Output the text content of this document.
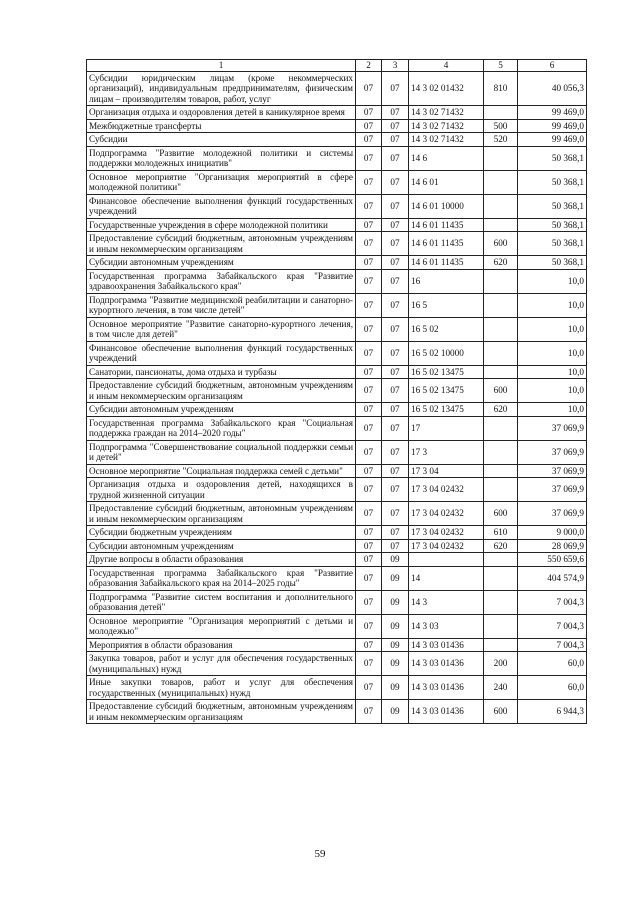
1	2	3	4	5	6
Субсидии юридическим лицам (кроме некоммерческих организаций), индивидуальным предпринимателям, физическим лицам – производителям товаров, работ, услуг	07	07	14 3 02 01432	810	40 056,3
Организация отдыха и оздоровления детей в каникулярное время	07	07	14 3 02 71432		99 469,0
Межбюджетные трансферты	07	07	14 3 02 71432	500	99 469,0
Субсидии	07	07	14 3 02 71432	520	99 469,0
Подпрограмма "Развитие молодежной политики и системы поддержки молодежных инициатив"	07	07	14 6		50 368,1
Основное мероприятие "Организация мероприятий в сфере молодежной политики"	07	07	14 6 01		50 368,1
Финансовое обеспечение выполнения функций государственных учреждений	07	07	14 6 01 10000		50 368,1
Государственные учреждения в сфере молодежной политики	07	07	14 6 01 11435		50 368,1
Предоставление субсидий бюджетным, автономным учреждениям и иным некоммерческим организациям	07	07	14 6 01 11435	600	50 368,1
Субсидии автономным учреждениям	07	07	14 6 01 11435	620	50 368,1
Государственная программа Забайкальского края "Развитие здравоохранения Забайкальского края"	07	07	16		10,0
Подпрограмма "Развитие медицинской реабилитации и санаторно-курортного лечения, в том числе детей"	07	07	16 5		10,0
Основное мероприятие "Развитие санаторно-курортного лечения, в том числе для детей"	07	07	16 5 02		10,0
Финансовое обеспечение выполнения функций государственных учреждений	07	07	16 5 02 10000		10,0
Санатории, пансионаты, дома отдыха и турбазы	07	07	16 5 02 13475		10,0
Предоставление субсидий бюджетным, автономным учреждениям и иным некоммерческим организациям	07	07	16 5 02 13475	600	10,0
Субсидии автономным учреждениям	07	07	16 5 02 13475	620	10,0
Государственная программа Забайкальского края "Социальная поддержка граждан на 2014–2020 годы"	07	07	17		37 069,9
Подпрограмма "Совершенствование социальной поддержки семьи и детей"	07	07	17 3		37 069,9
Основное мероприятие "Социальная поддержка семей с детьми"	07	07	17 3 04		37 069,9
Организация отдыха и оздоровления детей, находящихся в трудной жизненной ситуации	07	07	17 3 04 02432		37 069,9
Предоставление субсидий бюджетным, автономным учреждениям и иным некоммерческим организациям	07	07	17 3 04 02432	600	37 069,9
Субсидии бюджетным учреждениям	07	07	17 3 04 02432	610	9 000,0
Субсидии автономным учреждениям	07	07	17 3 04 02432	620	28 069,9
Другие вопросы в области образования	07	09			550 659,6
Государственная программа Забайкальского края "Развитие образования Забайкальского края на 2014–2025 годы"	07	09	14		404 574,9
Подпрограмма "Развитие систем воспитания и дополнительного образования детей"	07	09	14 3		7 004,3
Основное мероприятие "Организация мероприятий с детьми и молодежью"	07	09	14 3 03		7 004,3
Мероприятия в области образования	07	09	14 3 03 01436		7 004,3
Закупка товаров, работ и услуг для обеспечения государственных (муниципальных) нужд	07	09	14 3 03 01436	200	60,0
Иные закупки товаров, работ и услуг для обеспечения государственных (муниципальных) нужд	07	09	14 3 03 01436	240	60,0
Предоставление субсидий бюджетным, автономным учреждениям и иным некоммерческим организациям	07	09	14 3 03 01436	600	6 944,3
59
